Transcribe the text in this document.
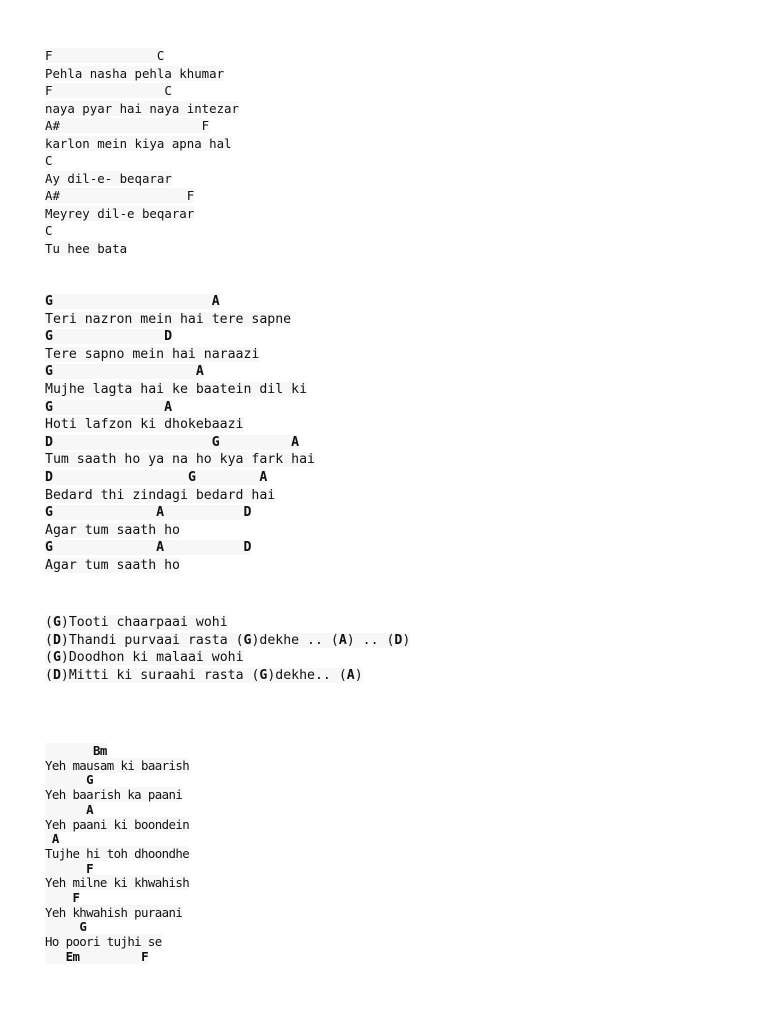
F              C
Pehla nasha pehla khumar
F               C
naya pyar hai naya intezar
A#                   F
karlon mein kiya apna hal
C
Ay dil-e- beqarar
A#                 F
Meyrey dil-e beqarar
C
Tu hee bata
G	A
Teri nazron mein hai tere sapne
G	D
Tere sapno mein hai naraazi
G	A
Mujhe lagta hai ke baatein dil ki
G	A
Hoti lafzon ki dhokebaazi
D	G	A
Tum saath ho ya na ho kya fark hai
D	G	A
Bedard thi zindagi bedard hai
G	A	D
Agar tum saath ho
G	A	D
Agar tum saath ho
(G)Tooti chaarpaai wohi
(D)Thandi purvaai rasta (G)dekhe .. (A) .. (D)
(G)Doodhon ki malaai wohi
(D)Mitti ki suraahi rasta (G)dekhe.. (A)
Bm
Yeh mausam ki baarish
G
Yeh baarish ka paani
A
Yeh paani ki boondein
A
Tujhe hi toh dhoondhe
F
Yeh milne ki khwahish
F
Yeh khwahish puraani
G
Ho poori tujhi se
Em	F
